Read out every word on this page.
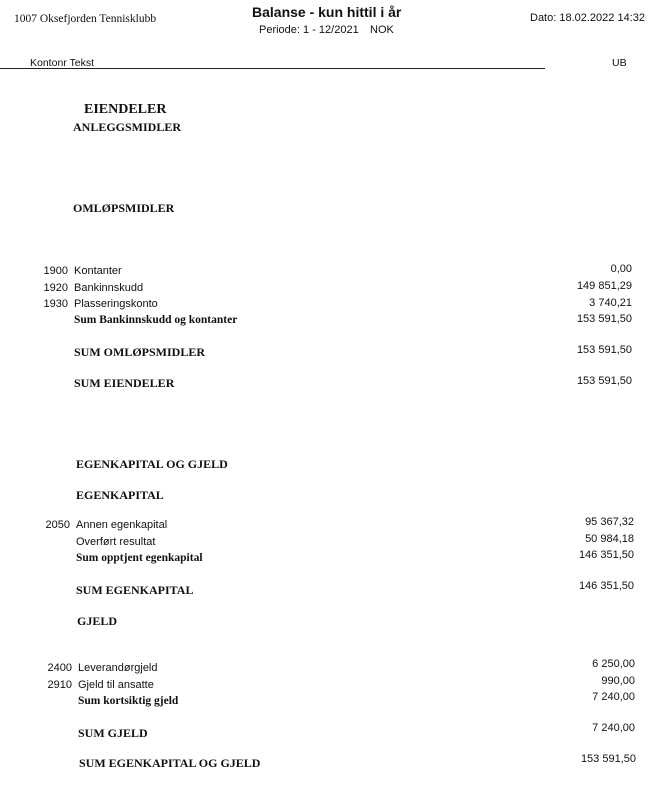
1007 Oksefjorden Tennisklubb	Balanse - kun hittil i år
Periode: 1 - 12/2021 NOK
Dato: 18.02.2022 14:32
Kontonr Tekst	UB
EIENDELER
ANLEGGSMIDLER
OMLØPSMIDLER
1900 Kontanter	0,00
1920 Bankinnskudd	149 851,29
1930 Plasseringskonto	3 740,21
Sum Bankinnskudd og kontanter	153 591,50
SUM OMLØPSMIDLER	153 591,50
SUM EIENDELER	153 591,50
EGENKAPITAL OG GJELD
EGENKAPITAL
2050 Annen egenkapital	95 367,32
Overført resultat	50 984,18
Sum opptjent egenkapital	146 351,50
SUM EGENKAPITAL	146 351,50
GJELD
2400 Leverandørgjeld	6 250,00
2910 Gjeld til ansatte	990,00
Sum kortsiktig gjeld	7 240,00
SUM GJELD	7 240,00
SUM EGENKAPITAL OG GJELD	153 591,50
